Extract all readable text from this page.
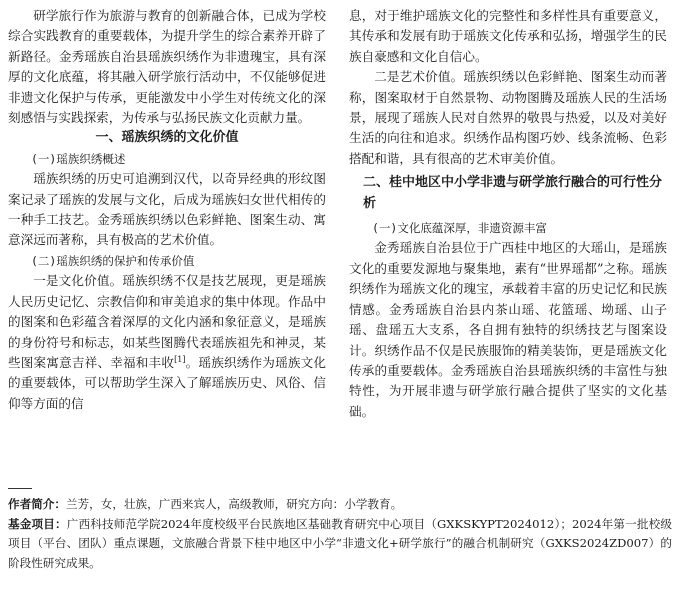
研学旅行作为旅游与教育的创新融合体，已成为学校综合实践教育的重要载体，为提升学生的综合素养开辟了新路径。金秀瑶族自治县瑶族织绣作为非遗瑰宝，具有深厚的文化底蕴，将其融入研学旅行活动中，不仅能够促进非遗文化保护与传承，更能激发中小学生对传统文化的深刻感悟与实践探索，为传承与弘扬民族文化贡献力量。

一、瑶族织绣的文化价值
(一)瑶族织绣概述

瑶族织绣的历史可追溯到汉代，以奇异经典的形纹图案记录了瑶族的发展与文化，后成为瑶族妇女世代相传的一种手工技艺。金秀瑶族织绣以色彩鲜艳、图案生动、寓意深远而著称，具有极高的艺术价值。

(二)瑶族织绣的保护和传承价值

一是文化价值。瑶族织绣不仅是技艺展现，更是瑶族人民历史记忆、宗教信仰和审美追求的集中体现。作品中的图案和色彩蕴含着深厚的文化内涵和象征意义，是瑶族的身份符号和标志，如某些图腾代表瑶族祖先和神灵，某些图案寓意吉祥、幸福和丰收[1]。瑶族织绣作为瑶族文化的重要载体，可以帮助学生深入了解瑶族历史、风俗、信仰等方面的信

息，对于维护瑶族文化的完整性和多样性具有重要意义，其传承和发展有助于瑶族文化传承和弘扬，增强学生的民族自豪感和文化自信心。

二是艺术价值。瑶族织绣以色彩鲜艳、图案生动而著称，图案取材于自然景物、动物图腾及瑶族人民的生活场景，展现了瑶族人民对自然界的敬畏与热爱，以及对美好生活的向往和追求。织绣作品构图巧妙、线条流畅、色彩搭配和谐，具有很高的艺术审美价值。

二、桂中地区中小学非遗与研学旅行融合的可行性分析
(一)文化底蕴深厚，非遗资源丰富

金秀瑶族自治县位于广西桂中地区的大瑶山，是瑶族文化的重要发源地与聚集地，素有“世界瑶都”之称。瑶族织绣作为瑶族文化的瑰宝，承载着丰富的历史记忆和民族情感。金秀瑶族自治县内茶山瑶、花篮瑶、坳瑶、山子瑶、盘瑶五大支系，各自拥有独特的织绣技艺与图案设计。织绣作品不仅是民族服饰的精美装饰，更是瑶族文化传承的重要载体。金秀瑶族自治县瑶族织绣的丰富性与独特性，为开展非遗与研学旅行融合提供了坚实的文化基础。

作者简介：兰芳，女，壮族，广西来宾人，高级教师，研究方向：小学教育。

基金项目：广西科技师范学院2024年度校级平台民族地区基础教育研究中心项目（GXKSKYPT2024012）；2024年第一批校级项目（平台、团队）重点课题，文旅融合背景下桂中地区中小学“非遗文化+研学旅行”的融合机制研究（GXKS2024ZD007）的阶段性研究成果。
